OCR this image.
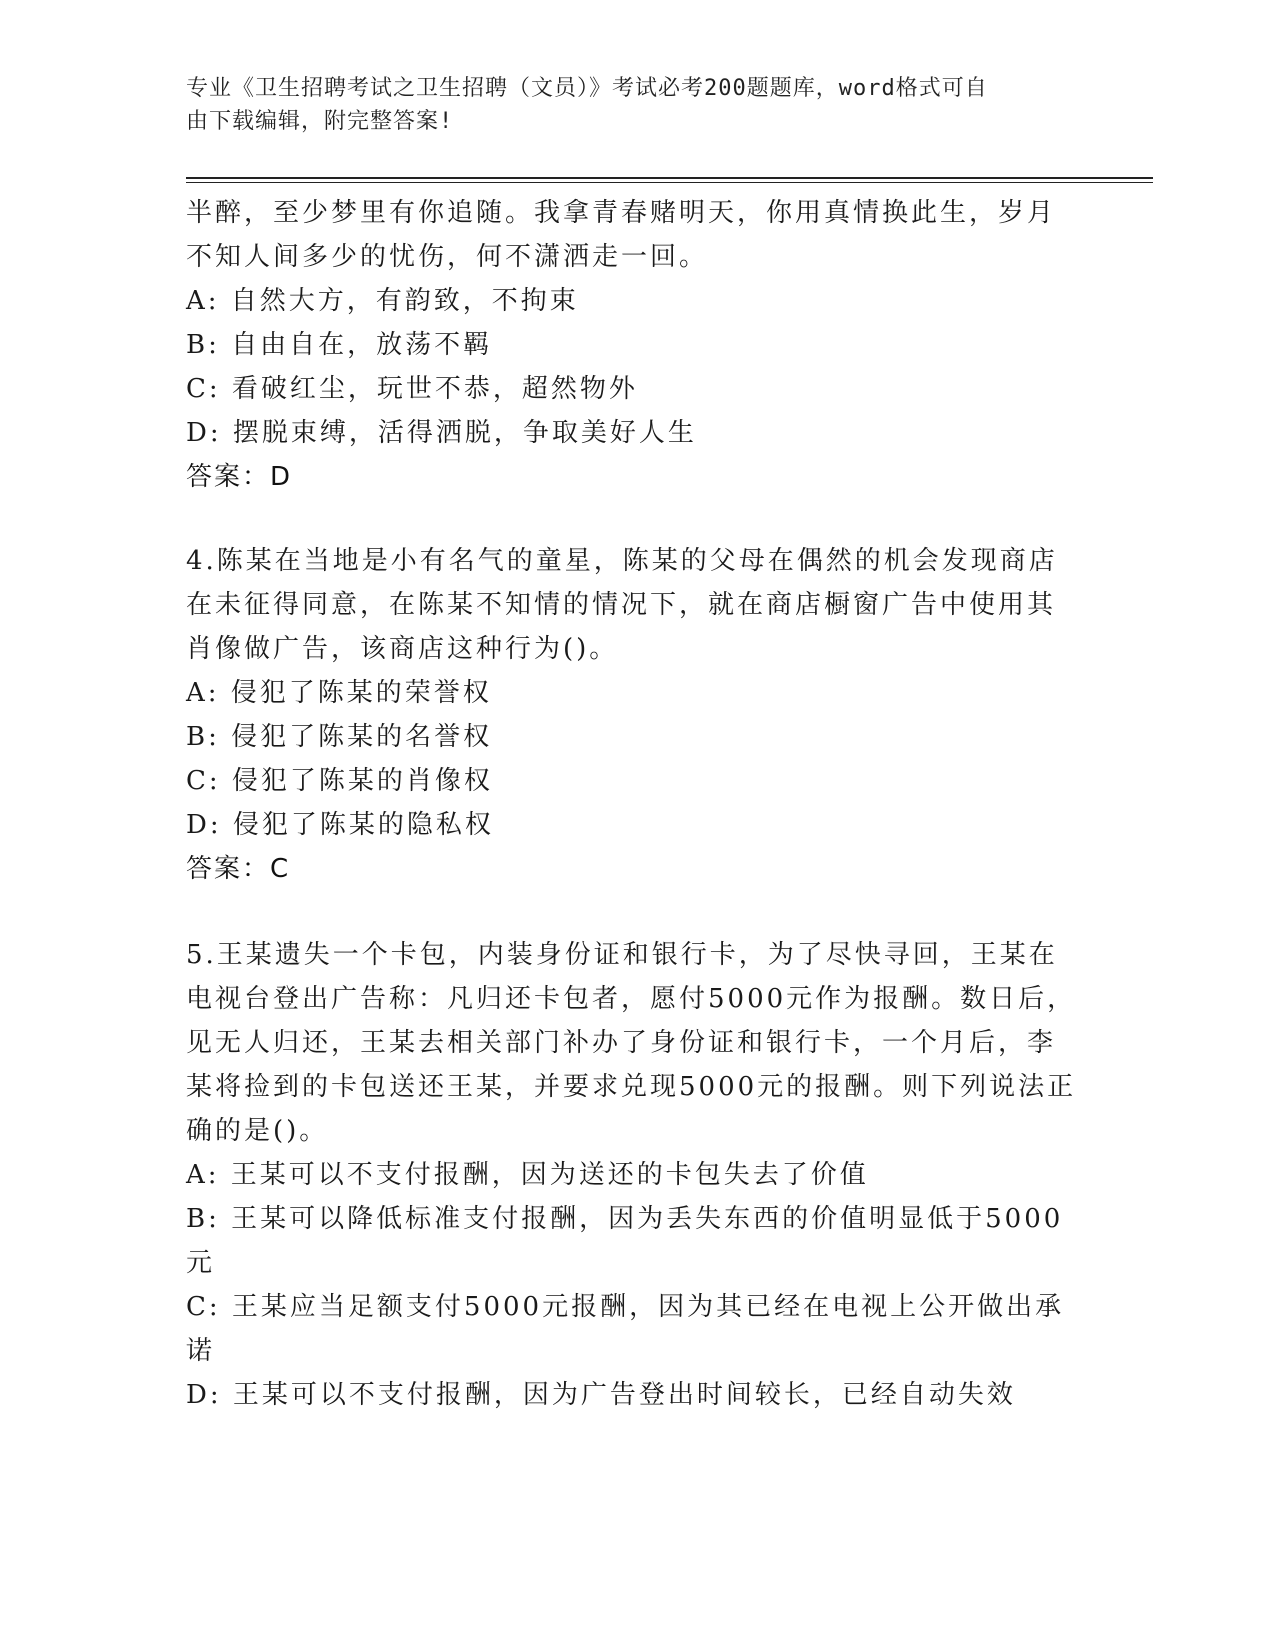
专业《卫生招聘考试之卫生招聘（文员）》考试必考200题题库，word格式可自
由下载编辑，附完整答案!
半醉，至少梦里有你追随。我拿青春赌明天，你用真情换此生，岁月
不知人间多少的忧伤，何不潇洒走一回。
A: 自然大方，有韵致，不拘束
B: 自由自在，放荡不羁
C: 看破红尘，玩世不恭，超然物外
D: 摆脱束缚，活得洒脱，争取美好人生
答案：D
4.陈某在当地是小有名气的童星，陈某的父母在偶然的机会发现商店
在未征得同意，在陈某不知情的情况下，就在商店橱窗广告中使用其
肖像做广告，该商店这种行为()。
A: 侵犯了陈某的荣誉权
B: 侵犯了陈某的名誉权
C: 侵犯了陈某的肖像权
D: 侵犯了陈某的隐私权
答案：C
5.王某遗失一个卡包，内装身份证和银行卡，为了尽快寻回，王某在
电视台登出广告称：凡归还卡包者，愿付5000元作为报酬。数日后，
见无人归还，王某去相关部门补办了身份证和银行卡，一个月后，李
某将捡到的卡包送还王某，并要求兑现5000元的报酬。则下列说法正
确的是()。
A: 王某可以不支付报酬，因为送还的卡包失去了价值
B: 王某可以降低标准支付报酬，因为丢失东西的价值明显低于5000
元
C: 王某应当足额支付5000元报酬，因为其已经在电视上公开做出承
诺
D: 王某可以不支付报酬，因为广告登出时间较长，已经自动失效
